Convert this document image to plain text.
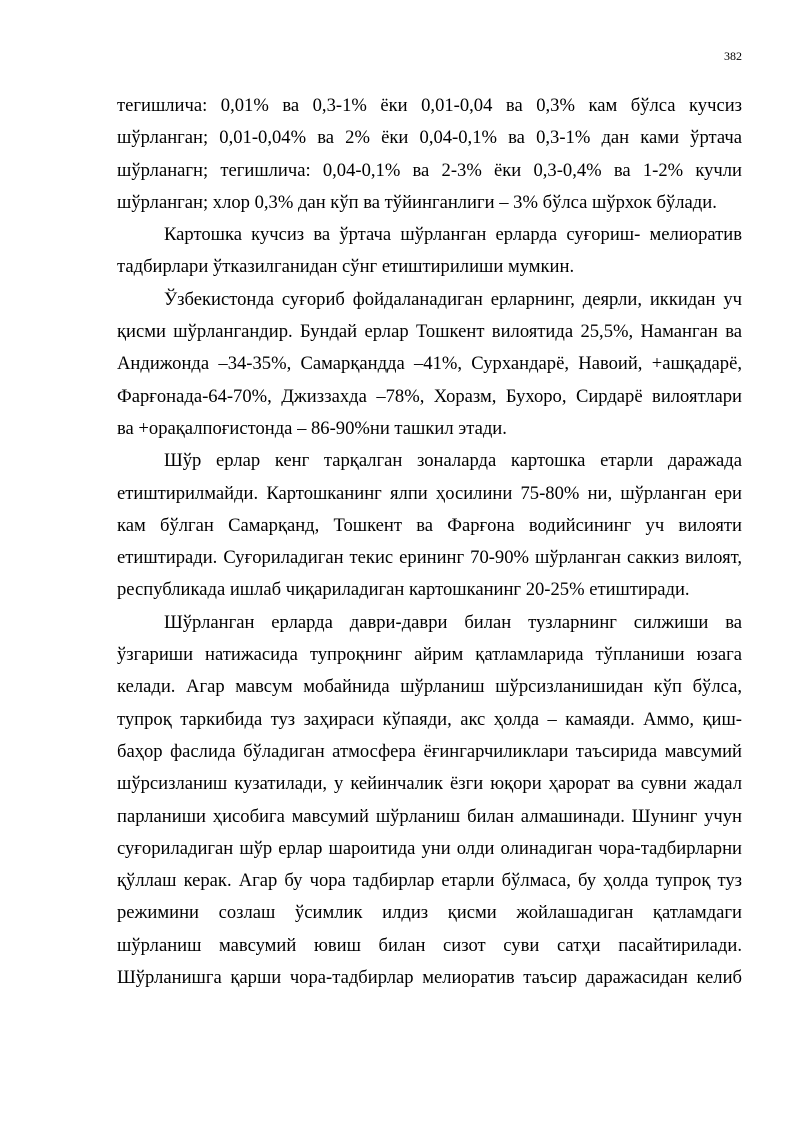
382

тегишлича: 0,01% ва 0,3-1% ёки 0,01-0,04 ва 0,3% кам бўлса кучсиз
шўрланган; 0,01-0,04% ва 2% ёки 0,04-0,1% ва 0,3-1% дан ками ўртача
шўрланагн; тегишлича: 0,04-0,1% ва 2-3% ёки 0,3-0,4% ва 1-2% кучли
шўрланган; хлор 0,3% дан кўп ва тўйинганлиги – 3% бўлса шўрхок бўлади.

Картошка кучсиз ва ўртача шўрланган ерларда суғориш- мелиоратив
тадбирлари ўтказилганидан сўнг етиштирилиши мумкин.

Ўзбекистонда суғориб фойдаланадиган ерларнинг, деярли, иккидан уч
қисми шўрлангандир. Бундай ерлар Тошкент вилоятида 25,5%, Наманган ва
Андижонда –34-35%, Самарқандда –41%, Сурхандарё, Навоий, +ашқадарё,
Фарғонада-64-70%, Джиззахда –78%, Хоразм, Бухоро, Сирдарё вилоятлари
ва +орақалпоғистонда – 86-90%ни ташкил этади.

Шўр ерлар кенг тарқалган зоналарда картошка етарли даражада
етиштирилмайди. Картошканинг ялпи ҳосилини 75-80% ни, шўрланган ери
кам бўлган Самарқанд, Тошкент ва Фарғона водийсининг уч вилояти
етиштиради. Суғориладиган текис ерининг 70-90% шўрланган саккиз вилоят,
республикада ишлаб чиқариладиган картошканинг 20-25% етиштиради.

Шўрланган ерларда даври-даври билан тузларнинг силжиши ва
ўзгариши натижасида тупроқнинг айрим қатламларида тўпланиши юзага
келади. Агар мавсум мобайнида шўрланиш шўрсизланишидан кўп бўлса,
тупроқ таркибида туз заҳираси кўпаяди, акс ҳолда – камаяди. Аммо, қиш-
баҳор фаслида бўладиган атмосфера ёғингарчиликлари таъсирида мавсумий
шўрсизланиш кузатилади, у кейинчалик ёзги юқори ҳарорат ва сувни жадал
парланиши ҳисобига мавсумий шўрланиш билан алмашинади. Шунинг учун
суғориладиган шўр ерлар шароитида уни олди олинадиган чора-тадбирларни
қўллаш керак. Агар бу чора тадбирлар етарли бўлмаса, бу ҳолда тупроқ туз
режимини созлаш ўсимлик илдиз қисми жойлашадиган қатламдаги
шўрланиш мавсумий ювиш билан сизот суви сатҳи пасайтирилади.
Шўрланишга қарши чора-тадбирлар мелиоратив таъсир даражасидан келиб
